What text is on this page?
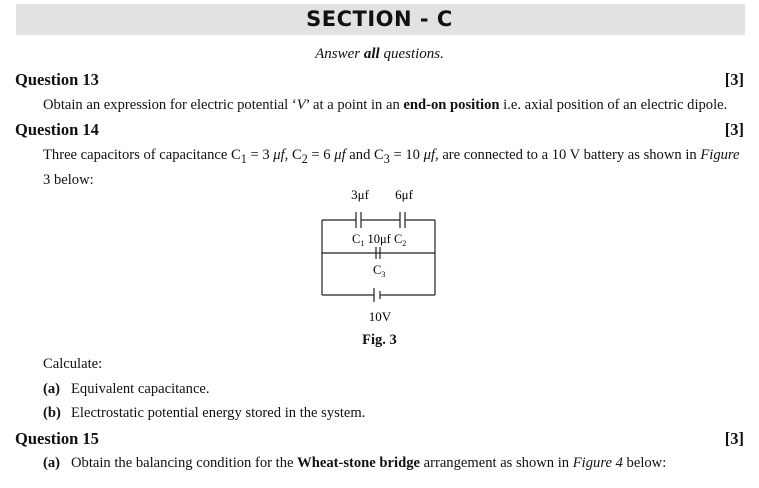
SECTION - C
Answer all questions.
Question 13	[3]
Obtain an expression for electric potential ‘V’ at a point in an end-on position i.e. axial position of an electric dipole.
Question 14	[3]
Three capacitors of capacitance $C_1 = 3$ μf, $C_2 = 6$ μf and $C_3 = 10$ μf, are connected to a 10 V battery as shown in Figure
3 below:
3μf 6μf
$C_1$ 10μf $C_2$
$C_3$
10V
Fig. 3
Calculate:
(a) Equivalent capacitance.
(b) Electrostatic potential energy stored in the system.
Question 15	[3]
(a) Obtain the balancing condition for the Wheat-stone bridge arrangement as shown in Figure 4 below:
